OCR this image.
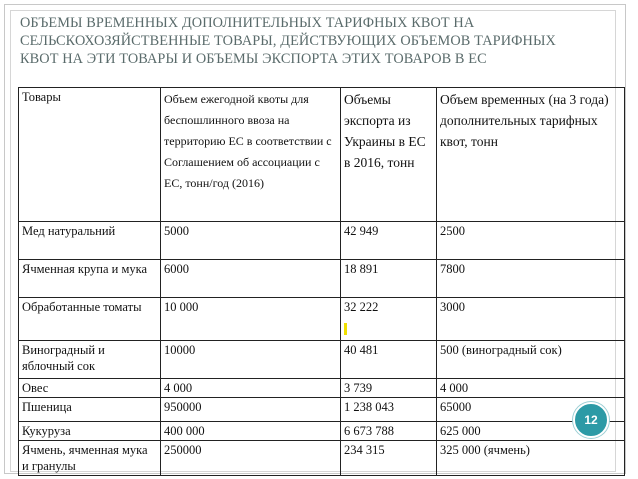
ОБЪЕМЫ ВРЕМЕННЫХ ДОПОЛНИТЕЛЬНЫХ ТАРИФНЫХ КВОТ НА
СЕЛЬСКОХОЗЯЙСТВЕННЫЕ ТОВАРЫ, ДЕЙСТВУЮЩИХ ОБЪЕМОВ ТАРИФНЫХ
КВОТ НА ЭТИ ТОВАРЫ И ОБЪЕМЫ ЭКСПОРТА ЭТИХ ТОВАРОВ В ЕС
Товары	Объем ежегодной квоты для беспошлинного ввоза на территорию ЕС в соответствии с Соглашением об ассоциации с ЕС, тонн/год (2016)	Объемы экспорта из Украины в ЕС в 2016, тонн	Объем временных (на 3 года) дополнительных тарифных квот, тонн
Мед натуральний	5000	42 949	2500
Ячменная крупа и мука	6000	18 891	7800
Обработанные томаты	10 000	32 222	3000
Виноградный и яблочный сок	10000	40 481	500 (виноградный сок)
Овес	4 000	3 739	4 000
Пшеница	950000	1 238 043	65000
Кукуруза	400 000	6 673 788	625 000
Ячмень, ячменная мука и гранулы	250000	234 315	325 000 (ячмень)
12
